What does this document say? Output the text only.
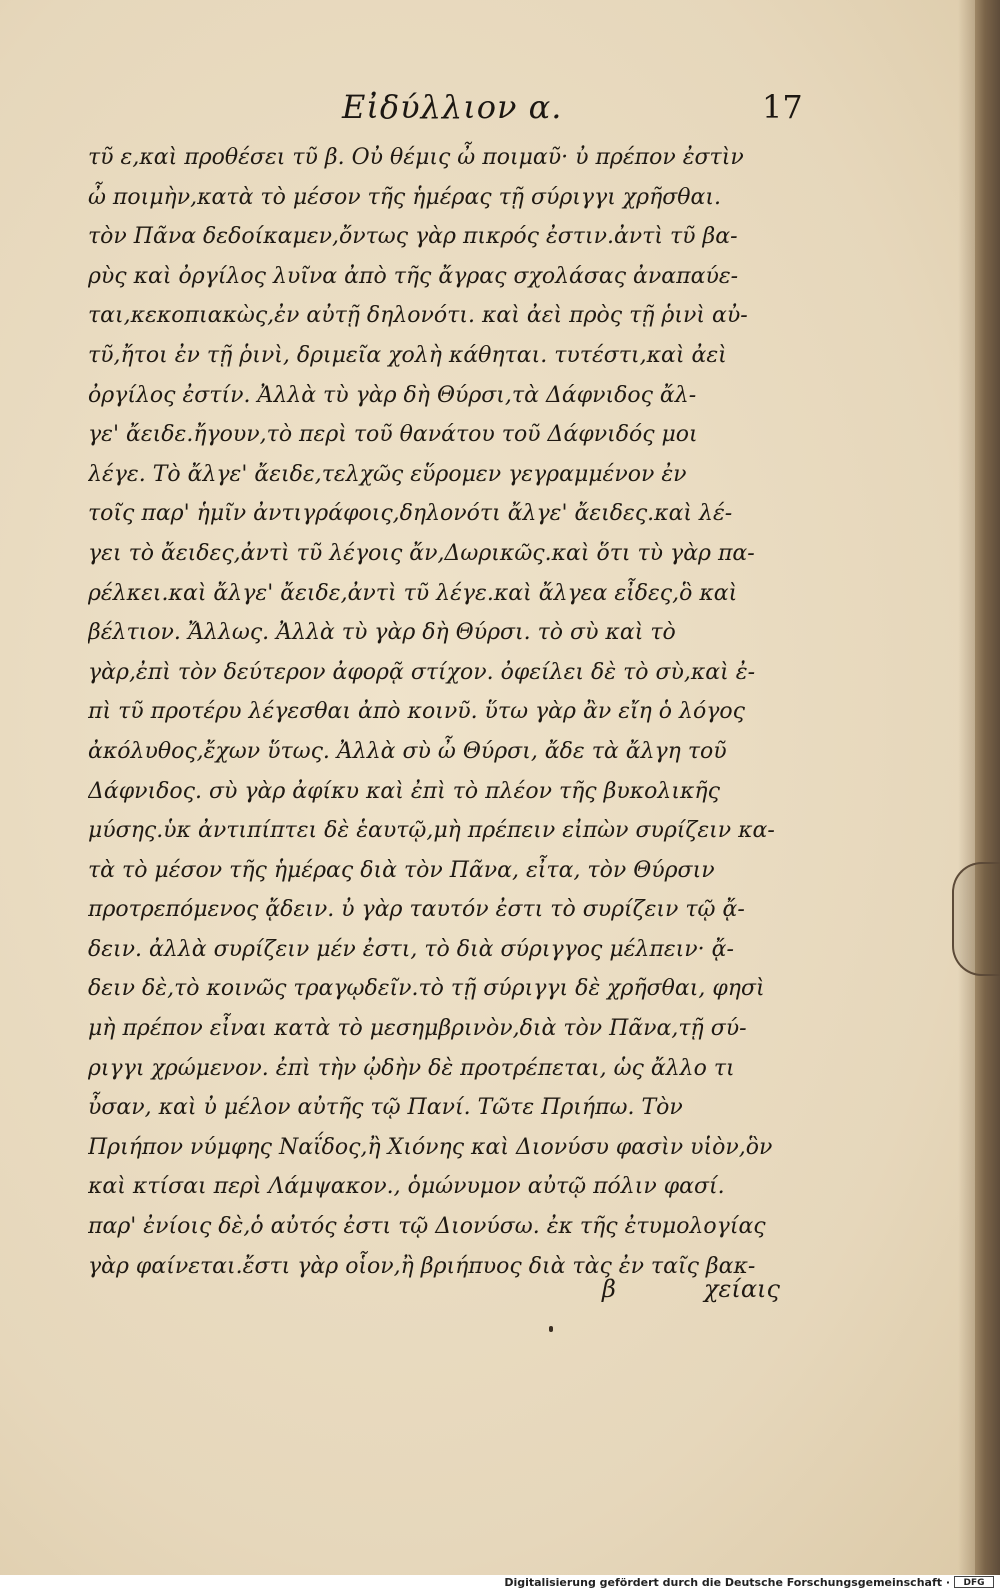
Εἰδύλλιον α.	17
τῦ ε,καὶ προθέσει τῦ β. Οὐ θέμις ὦ ποιμαῦ· ὐ πρέπον ἐστὶν
ὦ ποιμὴν,κατὰ τὸ μέσον τῆς ἡμέρας τῇ σύριγγι χρῆσθαι.
τὸν Πᾶνα δεδοίκαμεν,ὄντως γὰρ πικρός ἐστιν.ἀντὶ τῦ βα-
ρὺς καὶ ὀργίλος λυῖνα ἀπὸ τῆς ἄγρας σχολάσας ἀναπαύε-
ται,κεκοπιακὼς,ἐν αὐτῇ δηλονότι. καὶ ἀεὶ πρὸς τῇ ῥινὶ αὐ-
τῦ,ἤτοι ἐν τῇ ῥινὶ, δριμεῖα χολὴ κάθηται. τυτέστι,καὶ ἀεὶ
ὀργίλος ἐστίν. Ἀλλὰ τὺ γὰρ δὴ Θύρσι,τὰ Δάφνιδος ἄλ-
γε' ἄειδε.ἤγουν,τὸ περὶ τοῦ θανάτου τοῦ Δάφνιδός μοι
λέγε. Τὸ ἄλγε' ἄειδε,τελχῶς εὕρομεν γεγραμμένον ἐν
τοῖς παρ' ἡμῖν ἀντιγράφοις,δηλονότι ἄλγε' ἄειδες.καὶ λέ-
γει τὸ ἄειδες,ἀντὶ τῦ λέγοις ἄν,Δωρικῶς.καὶ ὅτι τὺ γὰρ πα-
ρέλκει.καὶ ἄλγε' ἄειδε,ἀντὶ τῦ λέγε.καὶ ἄλγεα εἶδες,ὃ καὶ
βέλτιον. Ἄλλως. Ἀλλὰ τὺ γὰρ δὴ Θύρσι. τὸ σὺ καὶ τὸ
γὰρ,ἐπὶ τὸν δεύτερον ἀφορᾷ στίχον. ὀφείλει δὲ τὸ σὺ,καὶ ἐ-
πὶ τῦ προτέρυ λέγεσθαι ἀπὸ κοινῦ. ὕτω γὰρ ἂν εἴη ὁ λόγος
ἀκόλυθος,ἔχων ὕτως. Ἀλλὰ σὺ ὦ Θύρσι, ἄδε τὰ ἄλγη τοῦ
Δάφνιδος. σὺ γὰρ ἀφίκυ καὶ ἐπὶ τὸ πλέον τῆς βυκολικῆς
μύσης.ὑκ ἀντιπίπτει δὲ ἑαυτῷ,μὴ πρέπειν εἰπὼν συρίζειν κα-
τὰ τὸ μέσον τῆς ἡμέρας διὰ τὸν Πᾶνα, εἶτα, τὸν Θύρσιν
προτρεπόμενος ᾄδειν. ὐ γὰρ ταυτόν ἐστι τὸ συρίζειν τῷ ᾄ-
δειν. ἀλλὰ συρίζειν μέν ἐστι, τὸ διὰ σύριγγος μέλπειν· ᾄ-
δειν δὲ,τὸ κοινῶς τραγῳδεῖν.τὸ τῇ σύριγγι δὲ χρῆσθαι, φησὶ
μὴ πρέπον εἶναι κατὰ τὸ μεσημβρινὸν,διὰ τὸν Πᾶνα,τῇ σύ-
ριγγι χρώμενον. ἐπὶ τὴν ᾠδὴν δὲ προτρέπεται, ὡς ἄλλο τι
ὖσαν, καὶ ὐ μέλον αὐτῆς τῷ Πανί. Τῶτε Πριήπω. Τὸν
Πριήπον νύμφης Ναΐδος,ἢ Χιόνης καὶ Διονύσυ φασὶν υἱὸν,ὃν
καὶ κτίσαι περὶ Λάμψακον., ὁμώνυμον αὐτῷ πόλιν φασί.
παρ' ἐνίοις δὲ,ὁ αὐτός ἐστι τῷ Διονύσω. ἐκ τῆς ἐτυμολογίας
γὰρ φαίνεται.ἔστι γὰρ οἷον,ἢ βριήπυος διὰ τὰς ἐν ταῖς βακ-
β	χείαις
Digitalisierung gefördert durch die Deutsche Forschungsgemeinschaft ·	DFG
